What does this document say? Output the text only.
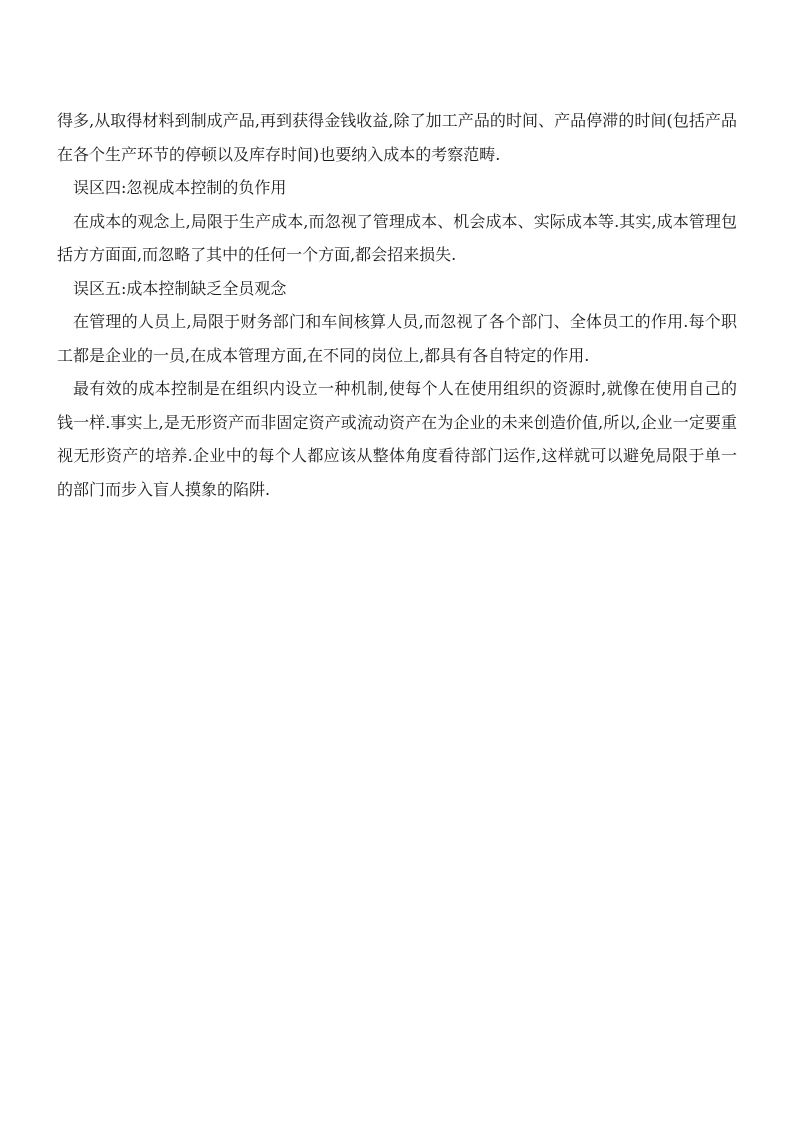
得多,从取得材料到制成产品,再到获得金钱收益,除了加工产品的时间、产品停滞的时间(包括产品在各个生产环节的停顿以及库存时间)也要纳入成本的考察范畴.

误区四:忽视成本控制的负作用

在成本的观念上,局限于生产成本,而忽视了管理成本、机会成本、实际成本等.其实,成本管理包括方方面面,而忽略了其中的任何一个方面,都会招来损失.

误区五:成本控制缺乏全员观念

在管理的人员上,局限于财务部门和车间核算人员,而忽视了各个部门、全体员工的作用.每个职工都是企业的一员,在成本管理方面,在不同的岗位上,都具有各自特定的作用.

最有效的成本控制是在组织内设立一种机制,使每个人在使用组织的资源时,就像在使用自己的钱一样.事实上,是无形资产而非固定资产或流动资产在为企业的未来创造价值,所以,企业一定要重视无形资产的培养.企业中的每个人都应该从整体角度看待部门运作,这样就可以避免局限于单一的部门而步入盲人摸象的陷阱.
